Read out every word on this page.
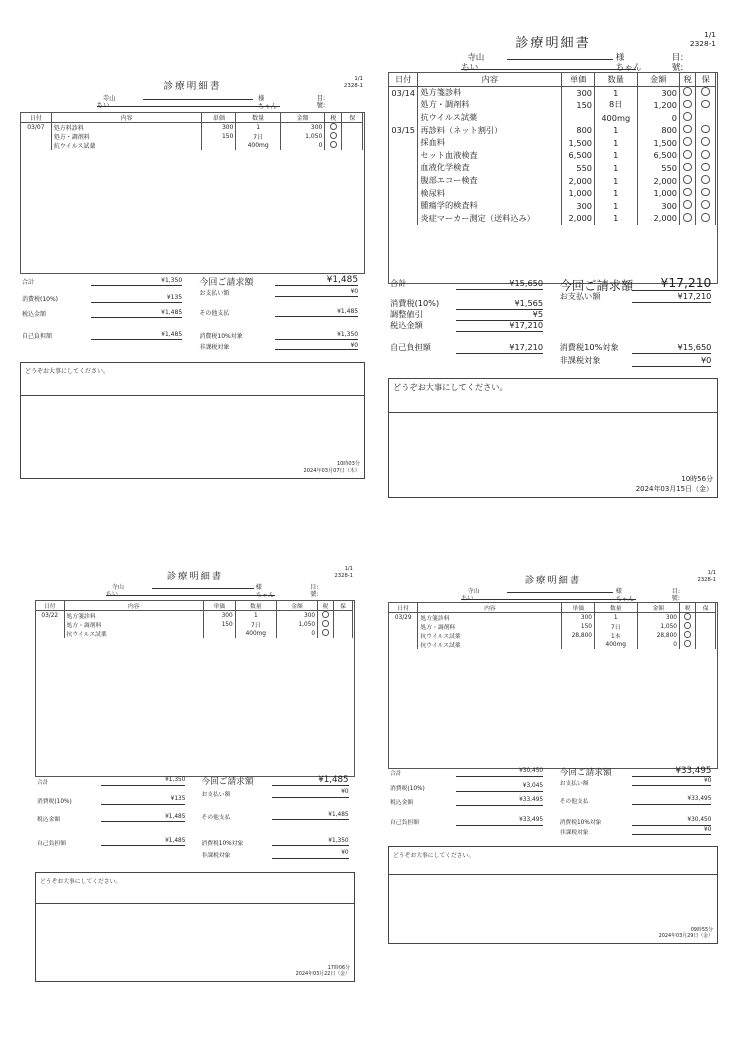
診療明細書
1/1
2328-1
寺山	様	目:
ちい	ちゃん	號:
日付	内容	単価	数量	金額	税	保
03/07	処方料診料	300	1	300		
	処方・調剤料	150	7日	1,050		
	抗ウイルス試薬		400mg	0		
合計	¥1,350
消費税(10%)	¥135
税込金額	¥1,485
自己負担額	¥1,485
今回ご請求額	¥1,485
お支払い額	¥0
その他支払	¥1,485
消費税10%対象	¥1,350
非課税対象	¥0
どうぞお大事にしてください。
10時03分
2024年03月07日（木）
診療明細書
1/1
2328-1
寺山	様	目:
ちい	ちゃん	號:
日付	内容	単価	数量	金額	税	保
03/14	処方箋診料	300	1	300		
	処方・調剤料	150	8日	1,200		
	抗ウイルス試薬		400mg	0		
03/15	再診料（ネット割引）	800	1	800		
	採血料	1,500	1	1,500		
	セット血液検査	6,500	1	6,500		
	血液化学検査	550	1	550		
	腹部エコー検査	2,000	1	2,000		
	検尿料	1,000	1	1,000		
	腫瘍学的検査料	300	1	300		
	炎症マーカー測定（送料込み）	2,000	1	2,000		
合計	¥15,650
消費税(10%)	¥1,565
調整値引	¥5
税込金額	¥17,210
自己負担額	¥17,210
今回ご請求額	¥17,210
お支払い額	¥17,210
消費税10%対象	¥15,650
非課税対象	¥0
どうぞお大事にしてください。
10時56分
2024年03月15日（金）
診療明細書
1/1
2328-1
寺山	様	目:
ちい	ちゃん	號:
日付	内容	単価	数量	金額	税	保
03/22	処方箋診料	300	1	300		
	処方・調剤料	150	7日	1,050		
	抗ウイルス試薬		400mg	0		
合計	¥1,350
消費税(10%)	¥135
税込金額	¥1,485
自己負担額	¥1,485
今回ご請求額	¥1,485
お支払い額	¥0
その他支払	¥1,485
消費税10%対象	¥1,350
非課税対象	¥0
どうぞお大事にしてください。
17時06分
2024年03月22日（金）
診療明細書
1/1
2328-1
寺山	様	目:
ちい	ちゃん	號:
日付	内容	単価	数量	金額	税	保
03/29	処方箋診料	300	1	300		
	処方・調剤料	150	7日	1,050		
	抗ウイルス試薬	28,800	1本	28,800		
	抗ウイルス試薬		400mg	0		
合計	¥30,450
消費税(10%)	¥3,045
税込金額	¥33,495
自己負担額	¥33,495
今回ご請求額	¥33,495
お支払い額	¥0
その他支払	¥33,495
消費税10%対象	¥30,450
非課税対象	¥0
どうぞお大事にしてください。
09時55分
2024年03月29日（金）
